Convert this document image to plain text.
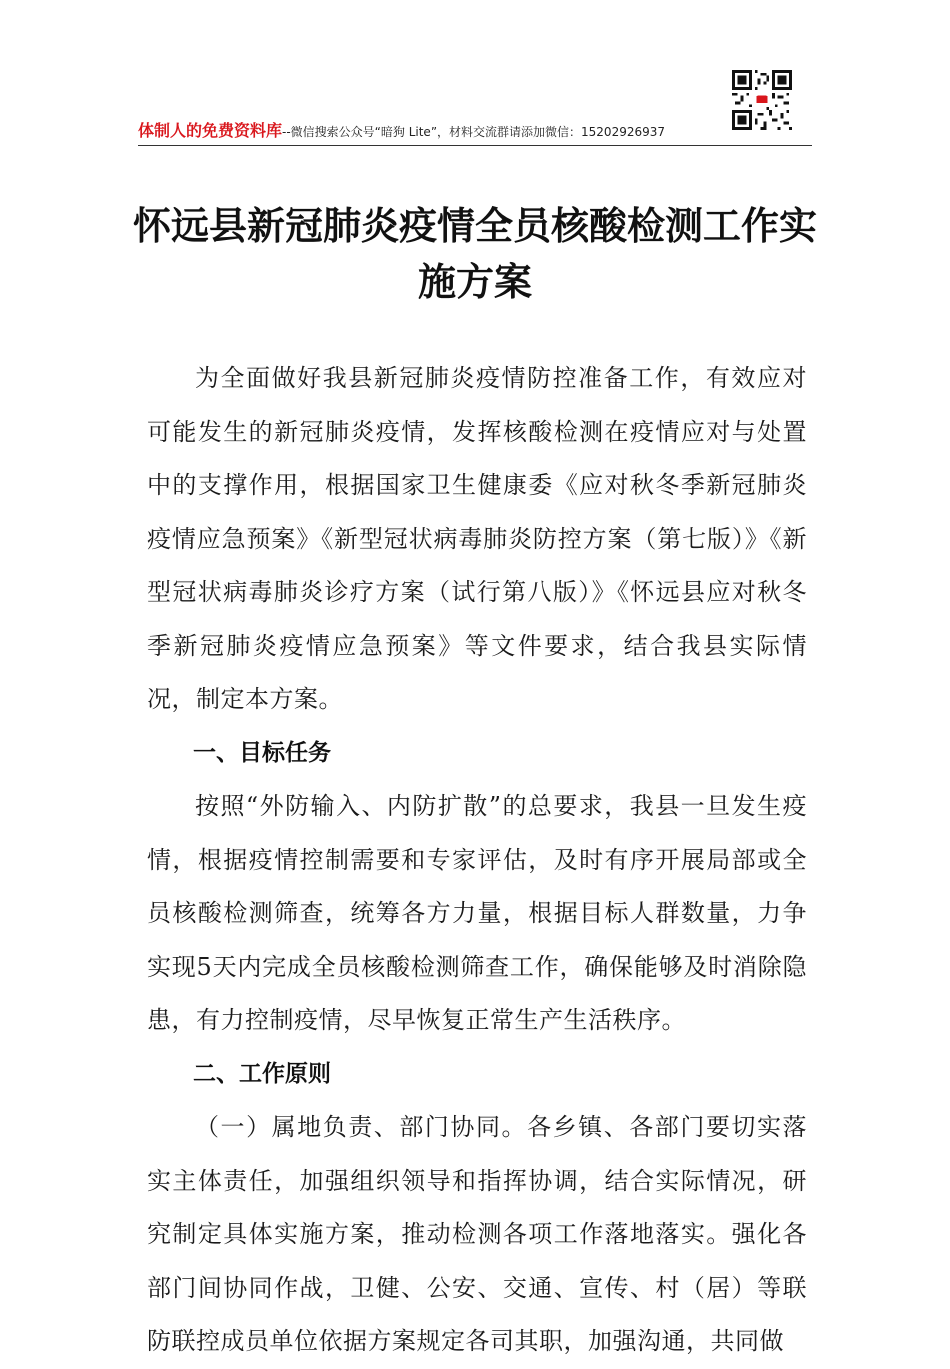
体制人的免费资料库--微信搜索公众号“暗狗 Lite”，材料交流群请添加微信：15202926937
怀远县新冠肺炎疫情全员核酸检测工作实施方案

为全面做好我县新冠肺炎疫情防控准备工作，有效应对可能发生的新冠肺炎疫情，发挥核酸检测在疫情应对与处置中的支撑作用，根据国家卫生健康委《应对秋冬季新冠肺炎疫情应急预案》《新型冠状病毒肺炎防控方案（第七版）》《新型冠状病毒肺炎诊疗方案（试行第八版）》《怀远县应对秋冬季新冠肺炎疫情应急预案》等文件要求，结合我县实际情况，制定本方案。

一、目标任务

按照“外防输入、内防扩散”的总要求，我县一旦发生疫情，根据疫情控制需要和专家评估，及时有序开展局部或全员核酸检测筛查，统筹各方力量，根据目标人群数量，力争实现5天内完成全员核酸检测筛查工作，确保能够及时消除隐患，有力控制疫情，尽早恢复正常生产生活秩序。

二、工作原则

（一）属地负责、部门协同。各乡镇、各部门要切实落实主体责任，加强组织领导和指挥协调，结合实际情况，研究制定具体实施方案，推动检测各项工作落地落实。强化各部门间协同作战，卫健、公安、交通、宣传、村（居）等联防联控成员单位依据方案规定各司其职，加强沟通，共同做
